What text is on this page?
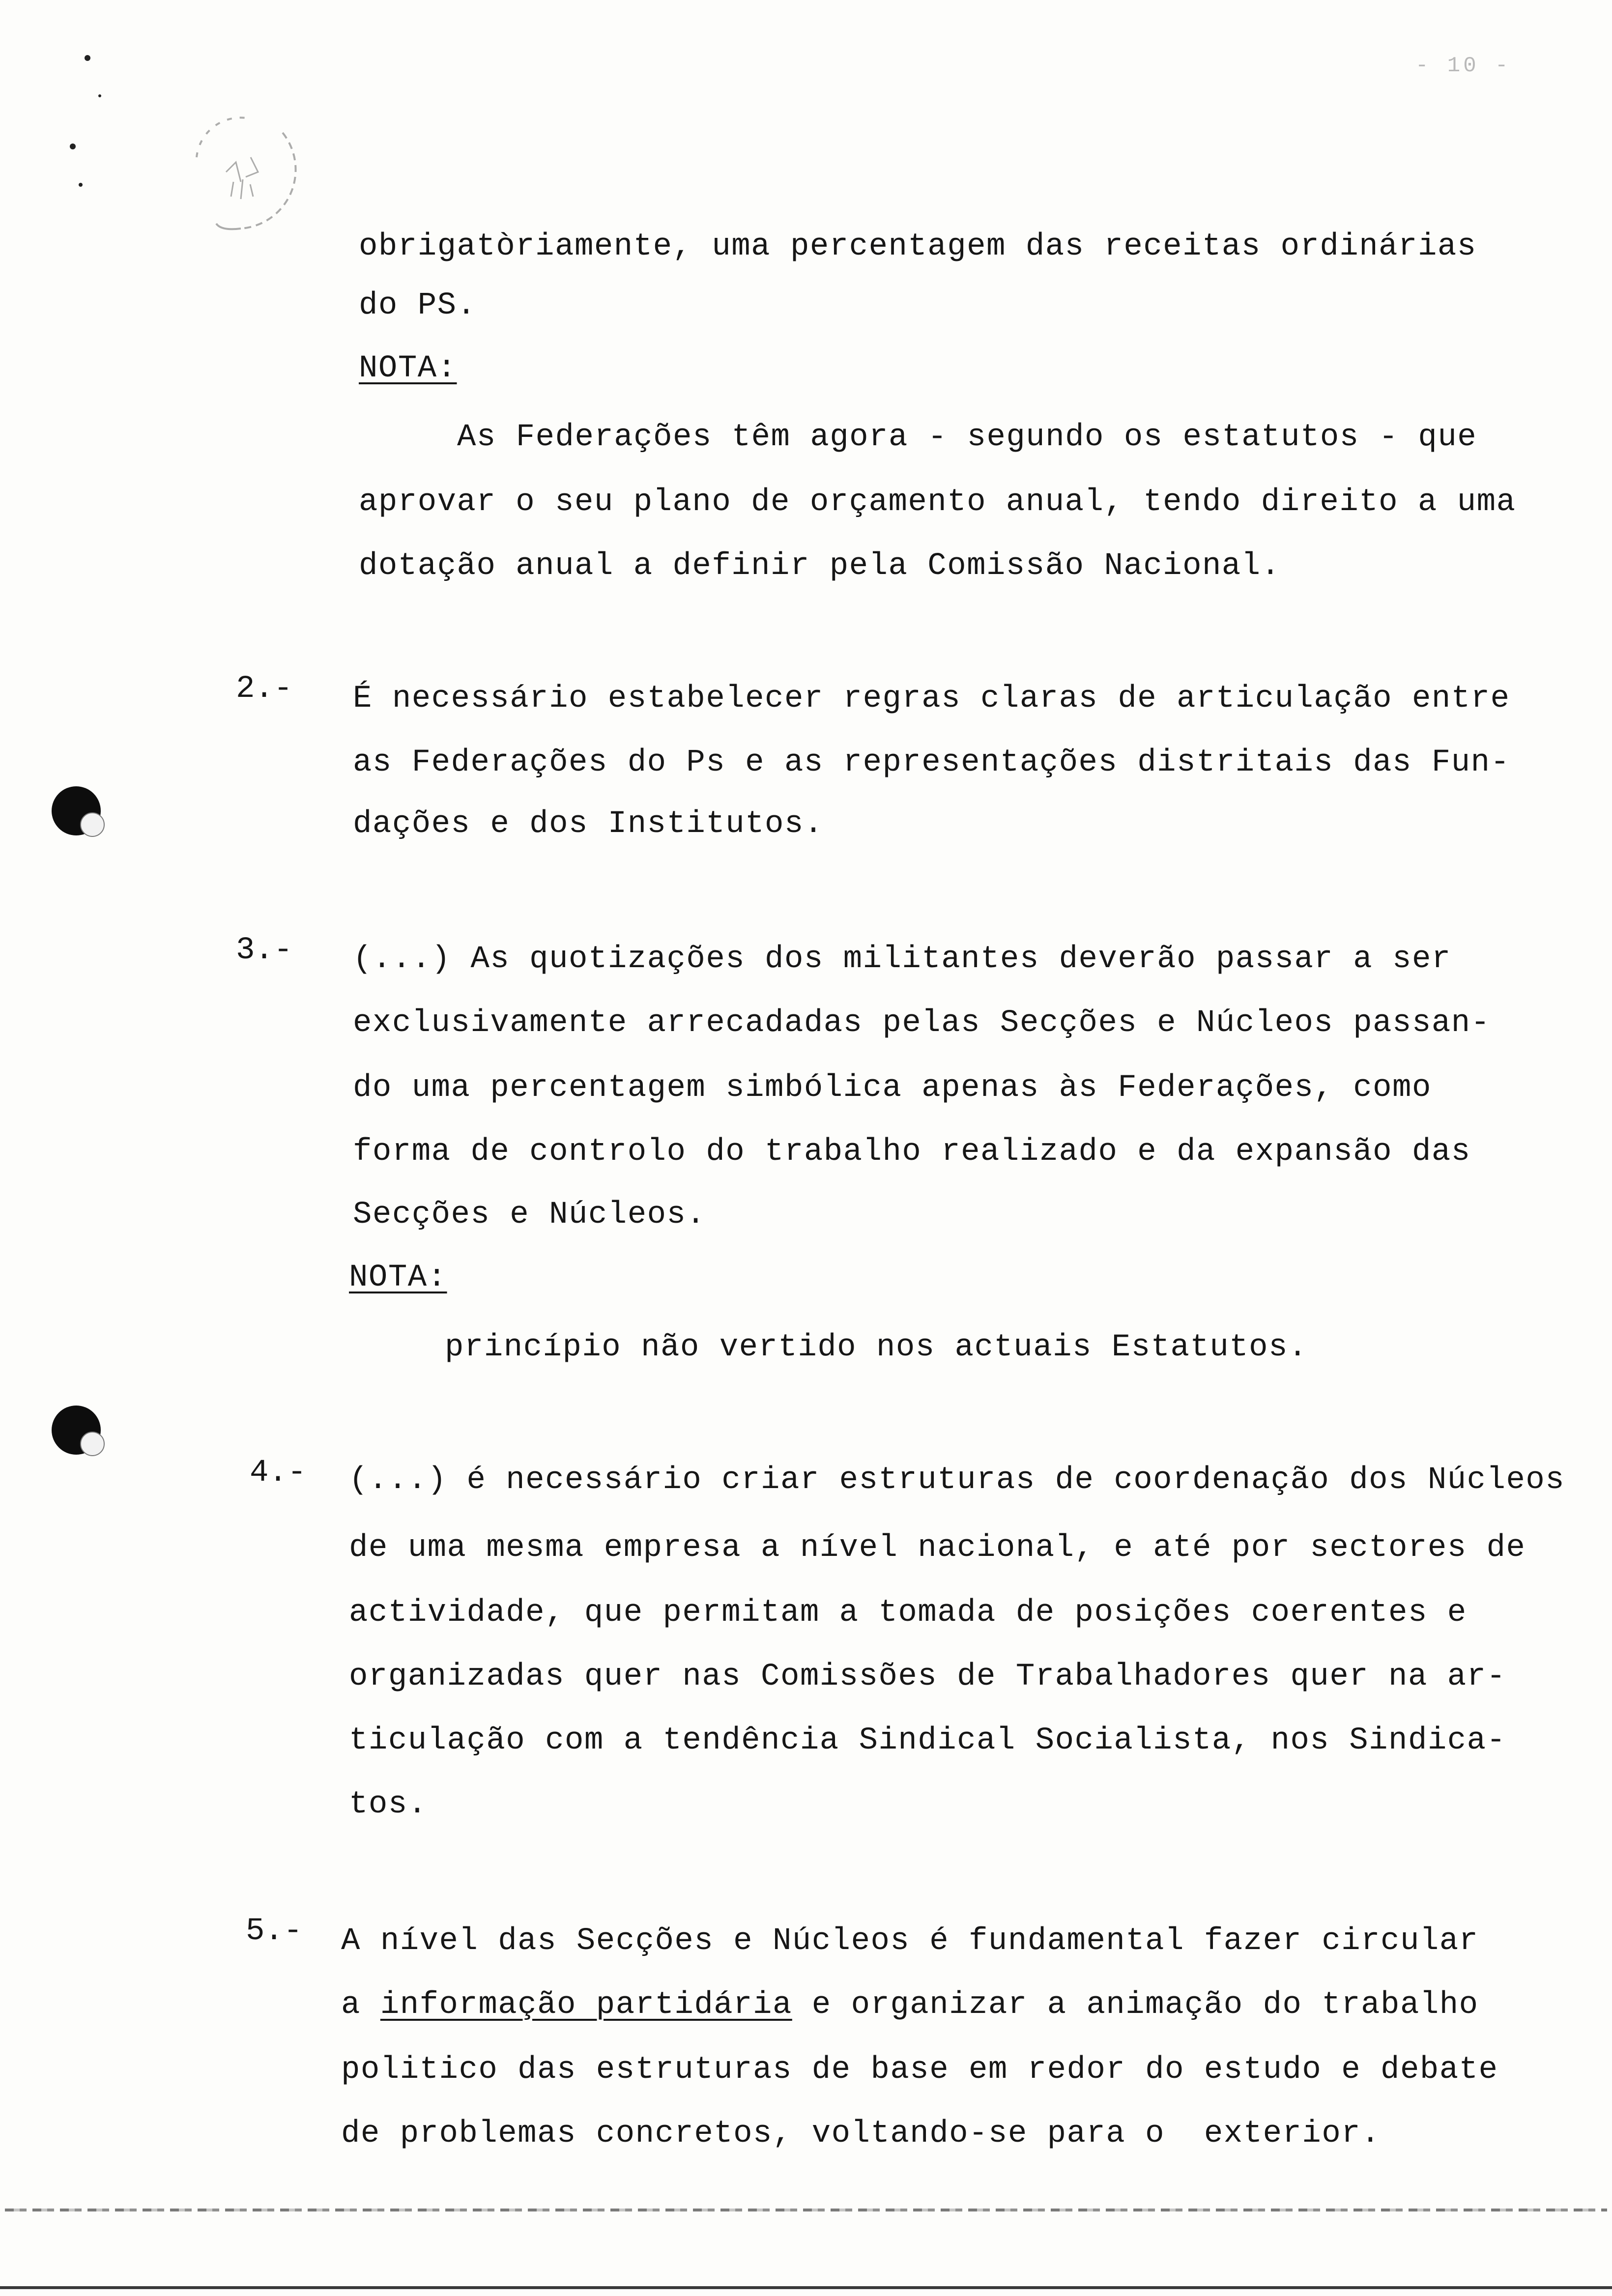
- 10 -
obrigatòriamente, uma percentagem das receitas ordinárias
do PS.
NOTA:
As Federações têm agora - segundo os estatutos - que
aprovar o seu plano de orçamento anual, tendo direito a uma
dotação anual a definir pela Comissão Nacional.
2.- É necessário estabelecer regras claras de articulação entre
as Federações do Ps e as representações distritais das Fun-
dações e dos Institutos.
3.- (...) As quotizações dos militantes deverão passar a ser
exclusivamente arrecadadas pelas Secções e Núcleos passan-
do uma percentagem simbólica apenas às Federações, como
forma de controlo do trabalho realizado e da expansão das
Secções e Núcleos.
NOTA:
princípio não vertido nos actuais Estatutos.
4.- (...) é necessário criar estruturas de coordenação dos Núcleos
de uma mesma empresa a nível nacional, e até por sectores de
actividade, que permitam a tomada de posições coerentes e
organizadas quer nas Comissões de Trabalhadores quer na ar-
ticulação com a tendência Sindical Socialista, nos Sindica-
tos.
5.- A nível das Secções e Núcleos é fundamental fazer circular
a informação partidária e organizar a animação do trabalho
politico das estruturas de base em redor do estudo e debate
de problemas concretos, voltando-se para o  exterior.
